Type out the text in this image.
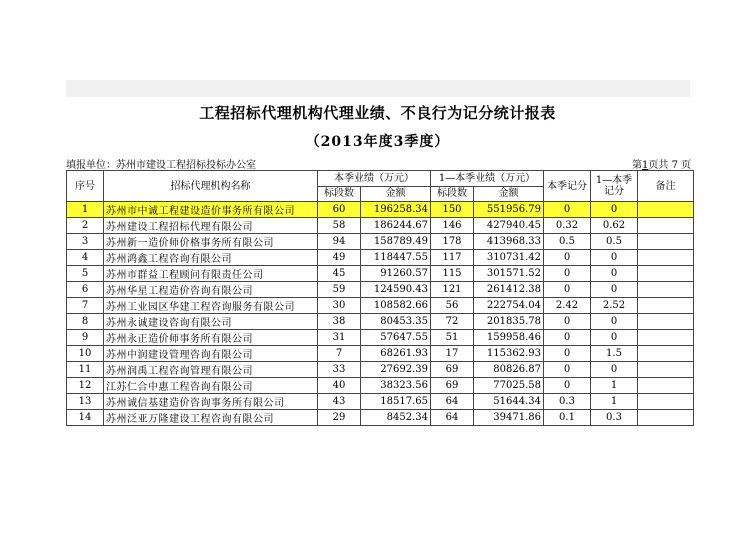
工程招标代理机构代理业绩、不良行为记分统计报表
（2013年度3季度）
填报单位：苏州市建设工程招标投标办公室	第1页共 7 页
序号	招标代理机构名称	本季业绩（万元）		1—本季业绩（万元）		本季记分	1—本季记分	备注
		标段数	金额	标段数	金额			
1	苏州市中诚工程建设造价事务所有限公司	60	196258.34	150	551956.79	0	0	
2	苏州建设工程招标代理有限公司	58	186244.67	146	427940.45	0.32	0.62	
3	苏州新一造价师价格事务所有限公司	94	158789.49	178	413968.33	0.5	0.5	
4	苏州鸿鑫工程咨询有限公司	49	118447.55	117	310731.42	0	0	
5	苏州市群益工程顾问有限责任公司	45	91260.57	115	301571.52	0	0	
6	苏州华星工程造价咨询有限公司	59	124590.43	121	261412.38	0	0	
7	苏州工业园区华建工程咨询服务有限公司	30	108582.66	56	222754.04	2.42	2.52	
8	苏州永诚建设咨询有限公司	38	80453.35	72	201835.78	0	0	
9	苏州永正造价师事务所有限公司	31	57647.55	51	159958.46	0	0	
10	苏州中润建设管理咨询有限公司	7	68261.93	17	115362.93	0	1.5	
11	苏州润禹工程咨询管理有限公司	33	27692.39	69	80826.87	0	0	
12	江苏仁合中惠工程咨询有限公司	40	38323.56	69	77025.58	0	1	
13	苏州诚信基建造价咨询事务所有限公司	43	18517.65	64	51644.34	0.3	1	
14	苏州泛亚万隆建设工程咨询有限公司	29	8452.34	64	39471.86	0.1	0.3	
